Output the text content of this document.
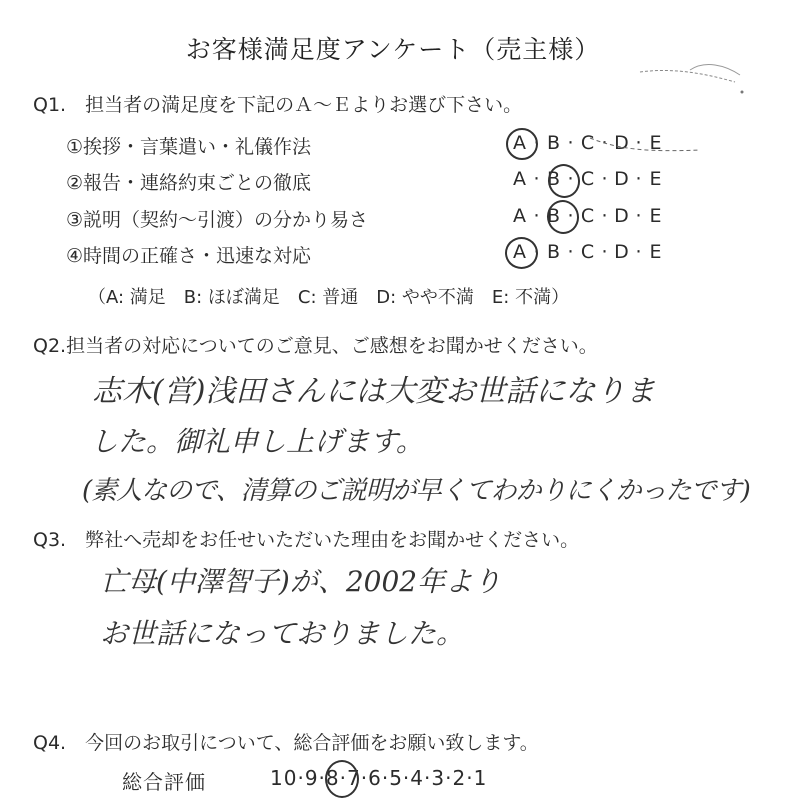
お客様満足度アンケート（売主様）
Q1.　担当者の満足度を下記のＡ～Ｅよりお選び下さい。
①挨拶・言葉遣い・礼儀作法
②報告・連絡約束ごとの徹底
③説明（契約～引渡）の分かり易さ
④時間の正確さ・迅速な対応
A · B · C · D · E
A · B · C · D · E
A · B · C · D · E
A · B · C · D · E
（A: 満足　B: ほぼ満足　C: 普通　D: やや不満　E: 不満）
Q2.担当者の対応についてのご意見、ご感想をお聞かせください。
志木(営)浅田さんには大変お世話になりま
した。御礼申し上げます。
(素人なので、清算のご説明が早くてわかりにくかったです)
Q3.　弊社へ売却をお任せいただいた理由をお聞かせください。
亡母(中澤智子)が、2002年より
お世話になっておりました。
Q4.　今回のお取引について、総合評価をお願い致します。
総合評価	10·9·8·7·6·5·4·3·2·1
